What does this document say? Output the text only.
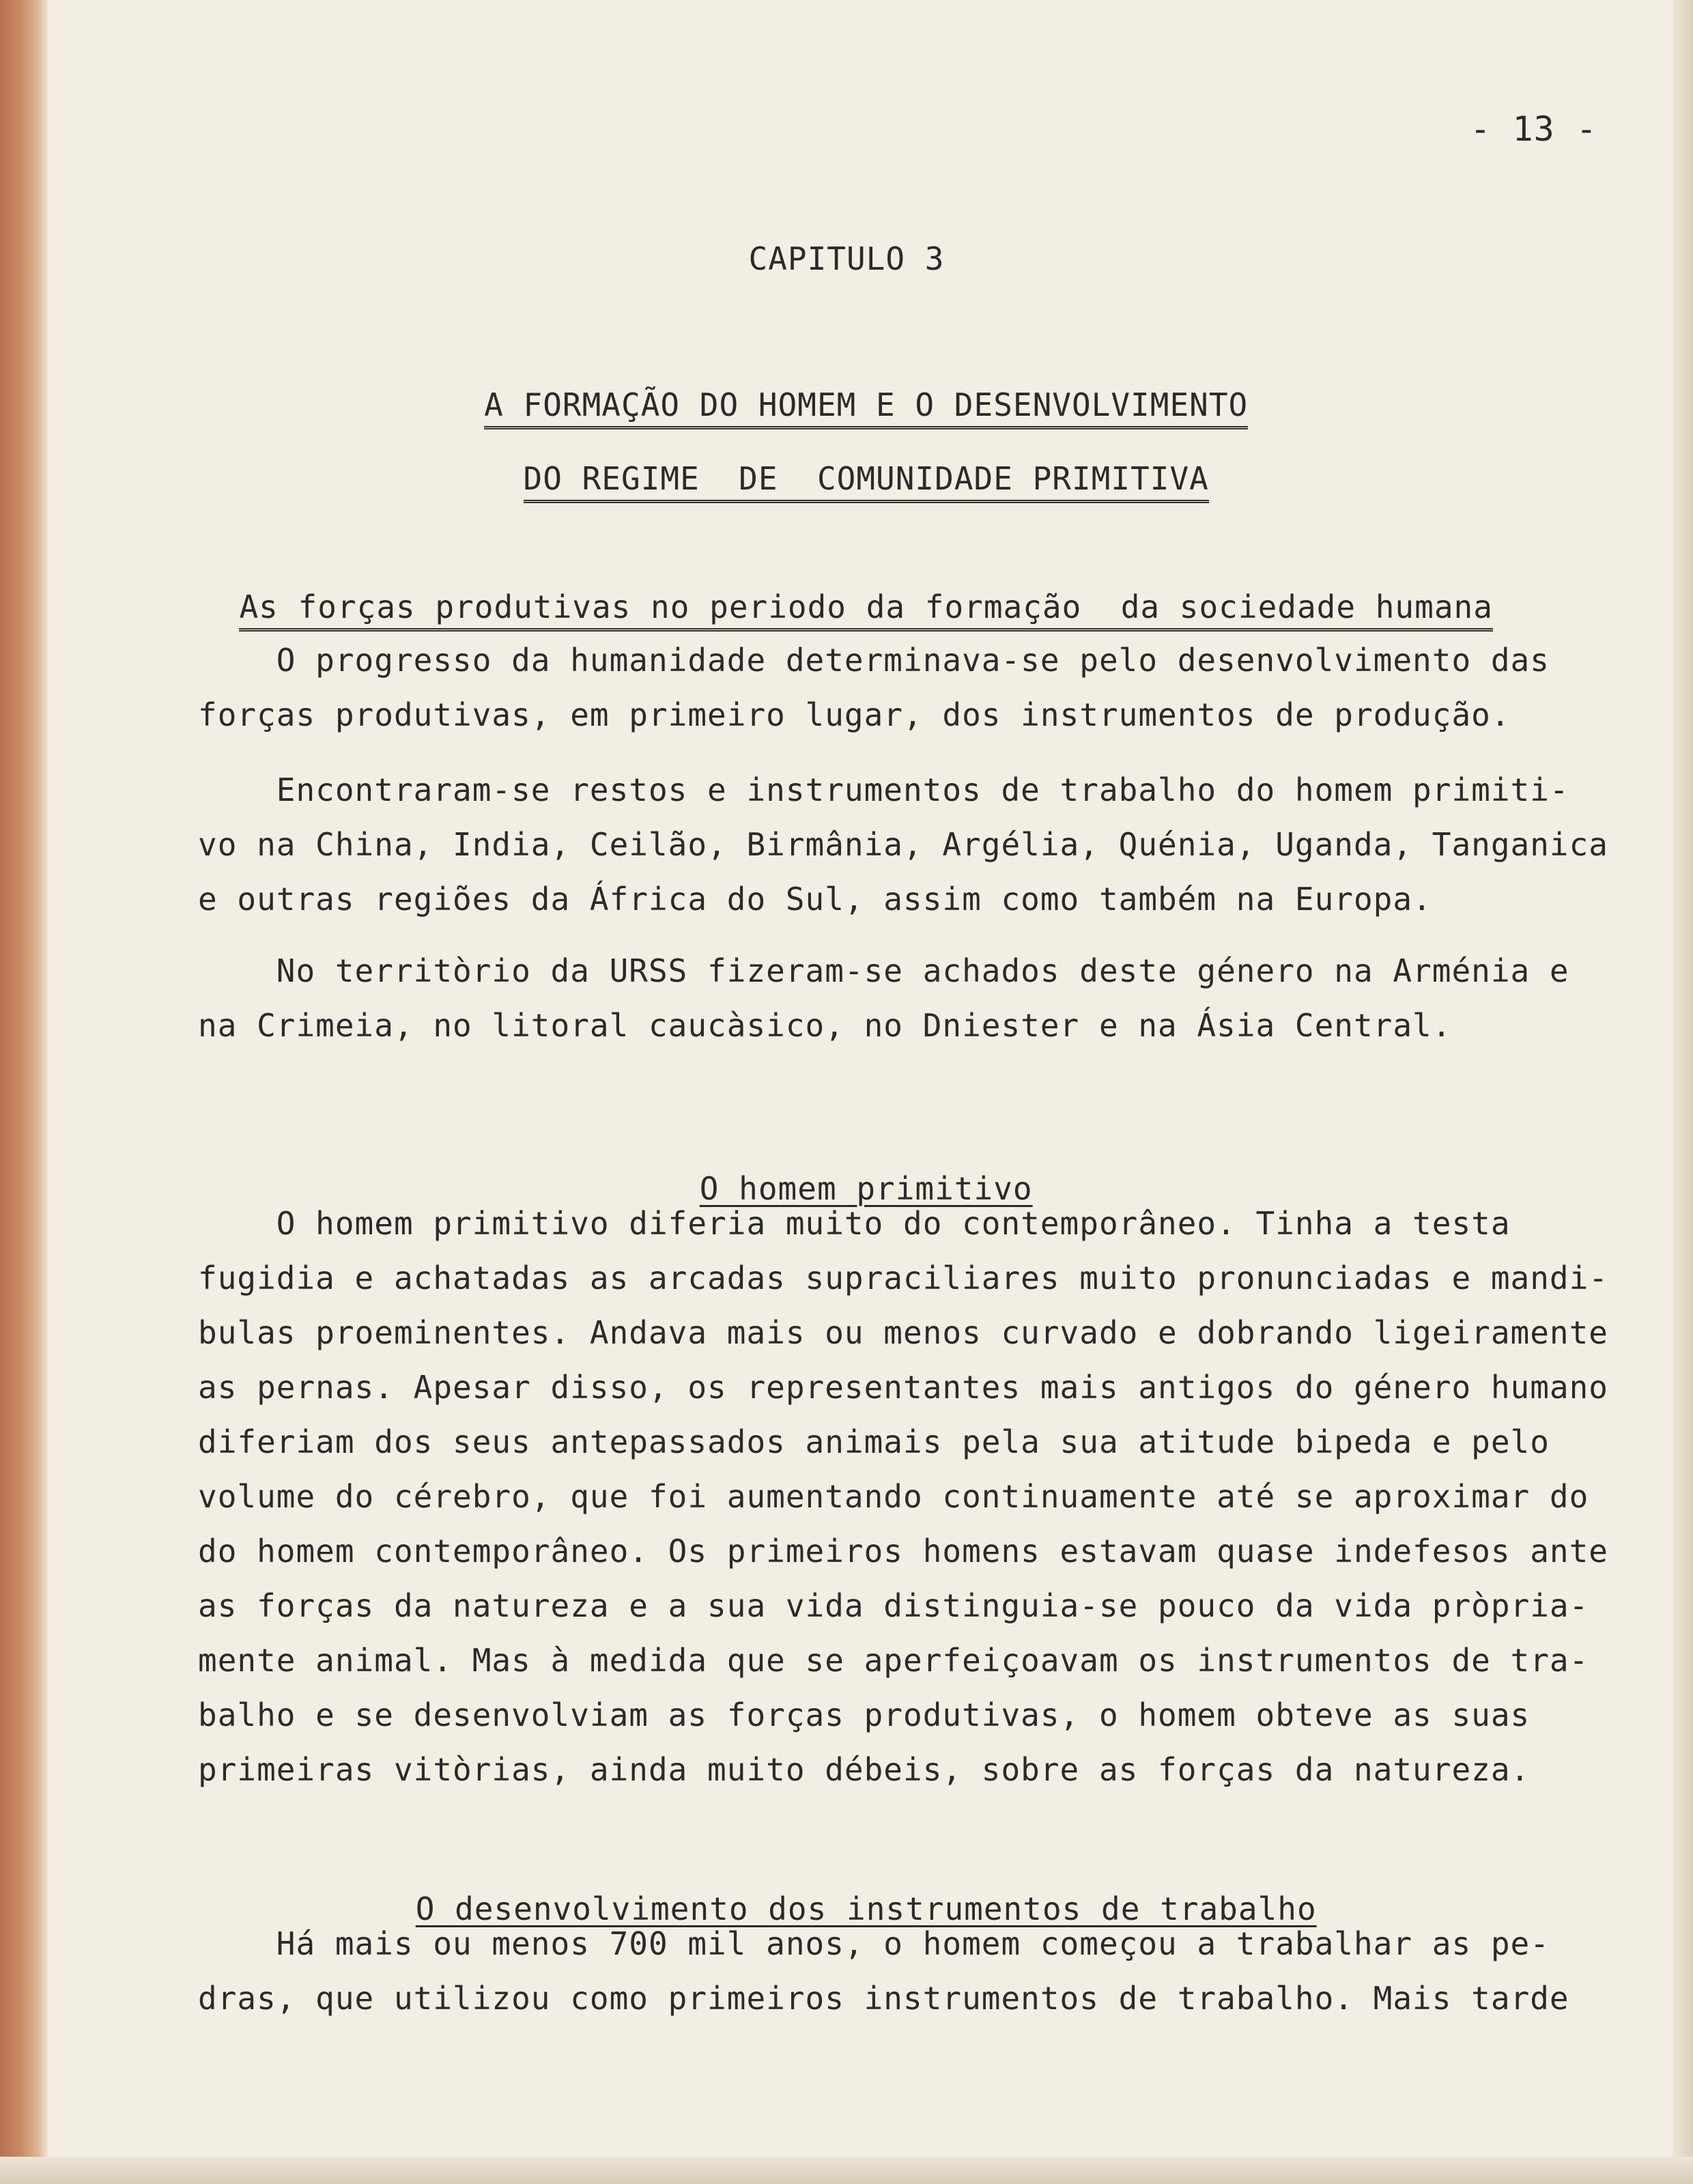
- 13 -
CAPITULO 3

A FORMAÇÃO DO HOMEM E O DESENVOLVIMENTO

DO REGIME  DE  COMUNIDADE PRIMITIVA

As forças produtivas no periodo da formação  da sociedade humana

O progresso da humanidade determinava-se pelo desenvolvimento das
forças produtivas, em primeiro lugar, dos instrumentos de produção.
Encontraram-se restos e instrumentos de trabalho do homem primiti-
vo na China, India, Ceilão, Birmânia, Argélia, Quénia, Uganda, Tanganica
e outras regiões da África do Sul, assim como também na Europa.
No territòrio da URSS fizeram-se achados deste género na Arménia e
na Crimeia, no litoral caucàsico, no Dniester e na Ásia Central.

O homem primitivo

O homem primitivo diferia muito do contemporâneo. Tinha a testa
fugidia e achatadas as arcadas supraciliares muito pronunciadas e mandi-
bulas proeminentes. Andava mais ou menos curvado e dobrando ligeiramente
as pernas. Apesar disso, os representantes mais antigos do género humano
diferiam dos seus antepassados animais pela sua atitude bipeda e pelo
volume do cérebro, que foi aumentando continuamente até se aproximar do
do homem contemporâneo. Os primeiros homens estavam quase indefesos ante
as forças da natureza e a sua vida distinguia-se pouco da vida pròpria-
mente animal. Mas à medida que se aperfeiçoavam os instrumentos de tra-
balho e se desenvolviam as forças produtivas, o homem obteve as suas
primeiras vitòrias, ainda muito débeis, sobre as forças da natureza.

O desenvolvimento dos instrumentos de trabalho

Há mais ou menos 700 mil anos, o homem começou a trabalhar as pe-
dras, que utilizou como primeiros instrumentos de trabalho. Mais tarde
